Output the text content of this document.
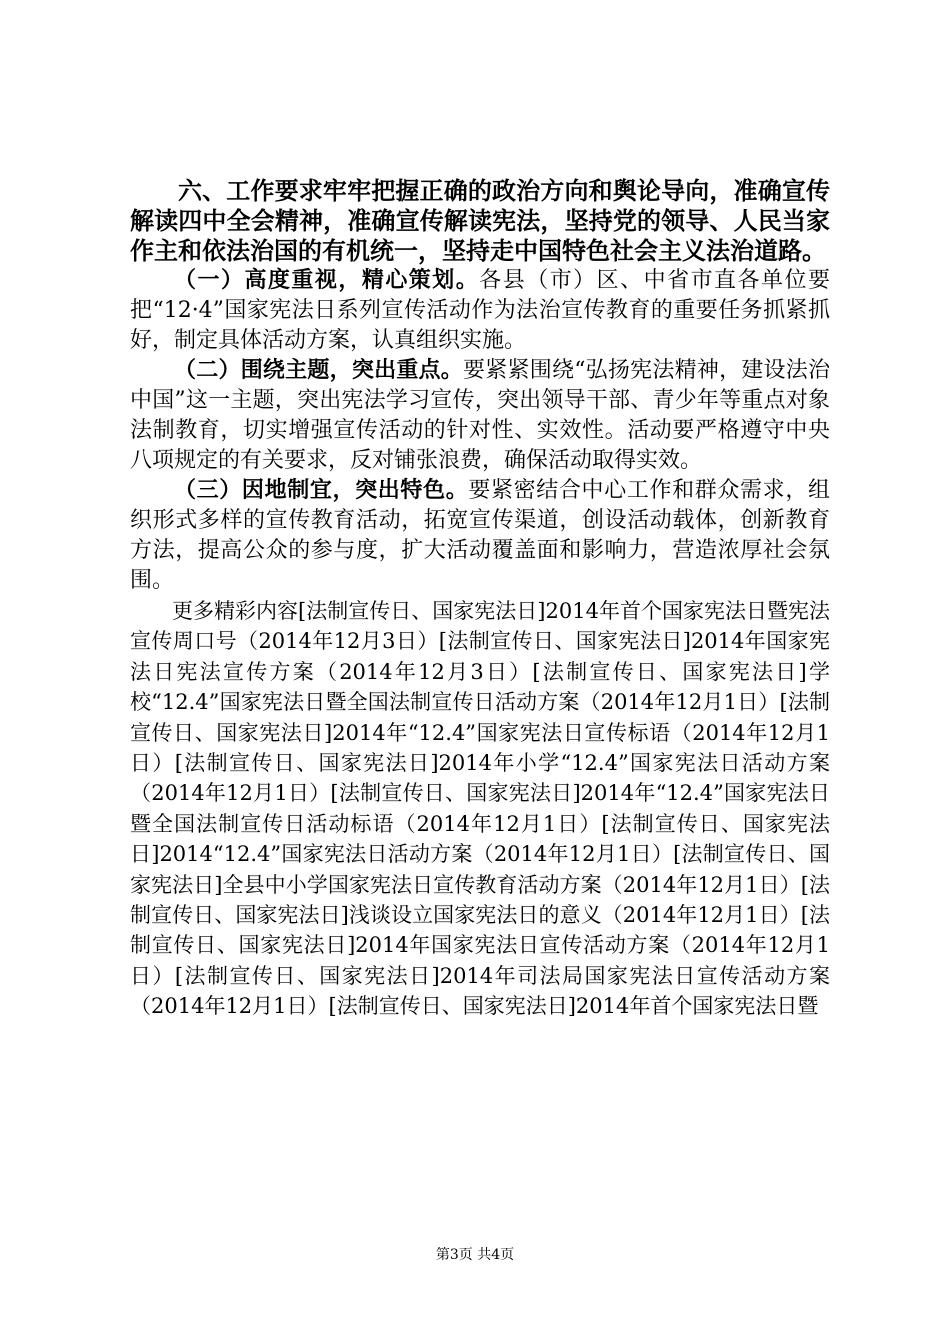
六、工作要求牢牢把握正确的政治方向和舆论导向，准确宣传解读四中全会精神，准确宣传解读宪法，坚持党的领导、人民当家作主和依法治国的有机统一，坚持走中国特色社会主义法治道路。

（一）高度重视，精心策划。各县（市）区、中省市直各单位要把“12·4”国家宪法日系列宣传活动作为法治宣传教育的重要任务抓紧抓好，制定具体活动方案，认真组织实施。

（二）围绕主题，突出重点。要紧紧围绕“弘扬宪法精神，建设法治中国”这一主题，突出宪法学习宣传，突出领导干部、青少年等重点对象法制教育，切实增强宣传活动的针对性、实效性。活动要严格遵守中央八项规定的有关要求，反对铺张浪费，确保活动取得实效。

（三）因地制宜，突出特色。要紧密结合中心工作和群众需求，组织形式多样的宣传教育活动，拓宽宣传渠道，创设活动载体，创新教育方法，提高公众的参与度，扩大活动覆盖面和影响力，营造浓厚社会氛围。

更多精彩内容[法制宣传日、国家宪法日]2014年首个国家宪法日暨宪法宣传周口号（2014年12月3日）[法制宣传日、国家宪法日]2014年国家宪法日宪法宣传方案（2014年12月3日）[法制宣传日、国家宪法日]学校“12.4”国家宪法日暨全国法制宣传日活动方案（2014年12月1日）[法制宣传日、国家宪法日]2014年“12.4”国家宪法日宣传标语（2014年12月1日）[法制宣传日、国家宪法日]2014年小学“12.4”国家宪法日活动方案（2014年12月1日）[法制宣传日、国家宪法日]2014年“12.4”国家宪法日暨全国法制宣传日活动标语（2014年12月1日）[法制宣传日、国家宪法日]2014“12.4”国家宪法日活动方案（2014年12月1日）[法制宣传日、国家宪法日]全县中小学国家宪法日宣传教育活动方案（2014年12月1日）[法制宣传日、国家宪法日]浅谈设立国家宪法日的意义（2014年12月1日）[法制宣传日、国家宪法日]2014年国家宪法日宣传活动方案（2014年12月1日）[法制宣传日、国家宪法日]2014年司法局国家宪法日宣传活动方案（2014年12月1日）[法制宣传日、国家宪法日]2014年首个国家宪法日暨

第3页 共4页
